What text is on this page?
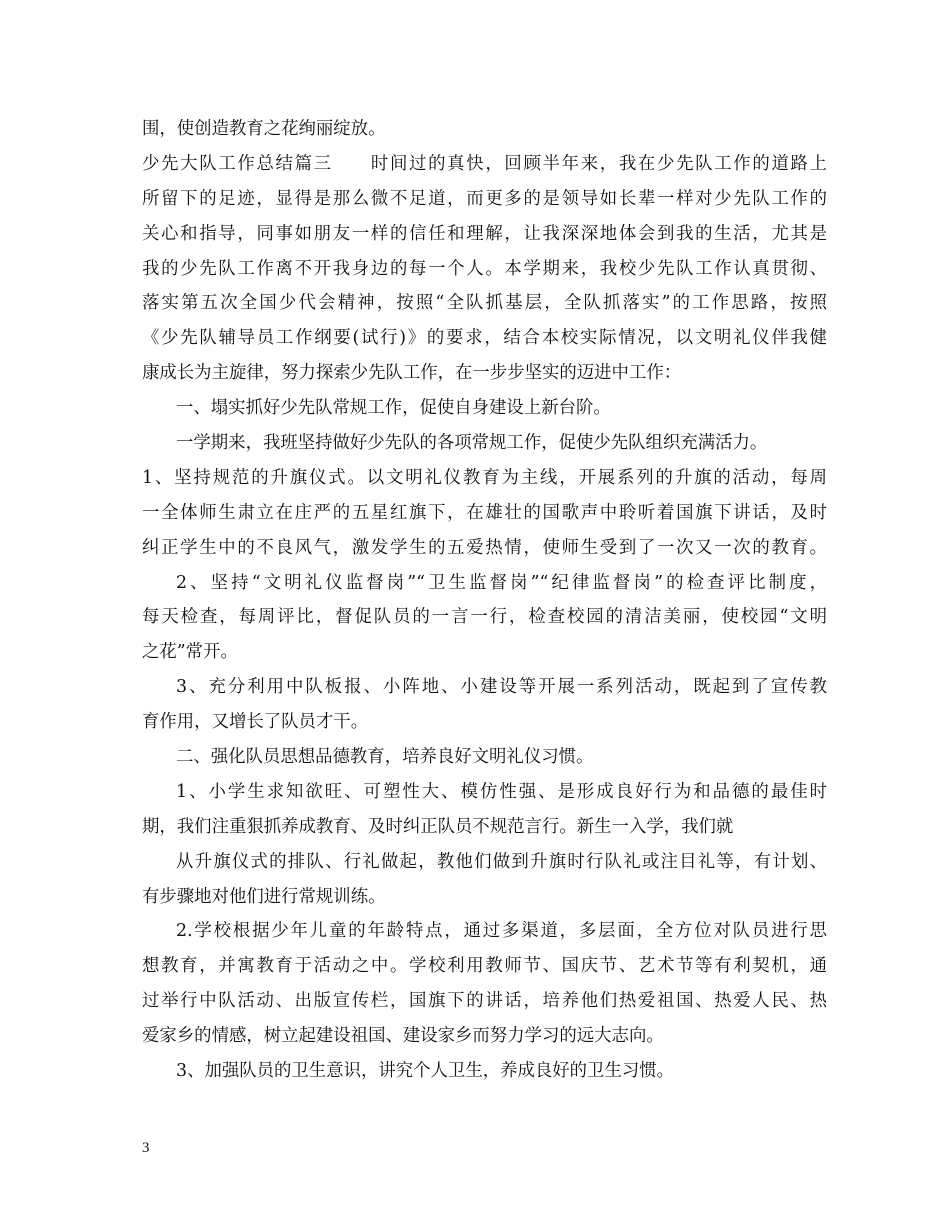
围，使创造教育之花绚丽绽放。
少先大队工作总结篇三　　时间过的真快，回顾半年来，我在少先队工作的道路上
所留下的足迹，显得是那么微不足道，而更多的是领导如长辈一样对少先队工作的
关心和指导，同事如朋友一样的信任和理解，让我深深地体会到我的生活，尤其是
我的少先队工作离不开我身边的每一个人。本学期来，我校少先队工作认真贯彻、
落实第五次全国少代会精神，按照“全队抓基层，全队抓落实”的工作思路，按照
《少先队辅导员工作纲要(试行)》的要求，结合本校实际情况，以文明礼仪伴我健
康成长为主旋律，努力探索少先队工作，在一步步坚实的迈进中工作：
一、塌实抓好少先队常规工作，促使自身建设上新台阶。
一学期来，我班坚持做好少先队的各项常规工作，促使少先队组织充满活力。
1、坚持规范的升旗仪式。以文明礼仪教育为主线，开展系列的升旗的活动，每周
一全体师生肃立在庄严的五星红旗下，在雄壮的国歌声中聆听着国旗下讲话，及时
纠正学生中的不良风气，激发学生的五爱热情，使师生受到了一次又一次的教育。
2、坚持“文明礼仪监督岗”“卫生监督岗”“纪律监督岗”的检查评比制度，
每天检查，每周评比，督促队员的一言一行，检查校园的清洁美丽，使校园“文明
之花”常开。
3、充分利用中队板报、小阵地、小建设等开展一系列活动，既起到了宣传教
育作用，又增长了队员才干。
二、强化队员思想品德教育，培养良好文明礼仪习惯。
1、小学生求知欲旺、可塑性大、模仿性强、是形成良好行为和品德的最佳时
期，我们注重狠抓养成教育、及时纠正队员不规范言行。新生一入学，我们就
从升旗仪式的排队、行礼做起，教他们做到升旗时行队礼或注目礼等，有计划、
有步骤地对他们进行常规训练。
2.学校根据少年儿童的年龄特点，通过多渠道，多层面，全方位对队员进行思
想教育，并寓教育于活动之中。学校利用教师节、国庆节、艺术节等有利契机，通
过举行中队活动、出版宣传栏，国旗下的讲话，培养他们热爱祖国、热爱人民、热
爱家乡的情感，树立起建设祖国、建设家乡而努力学习的远大志向。
3、加强队员的卫生意识，讲究个人卫生，养成良好的卫生习惯。
3
